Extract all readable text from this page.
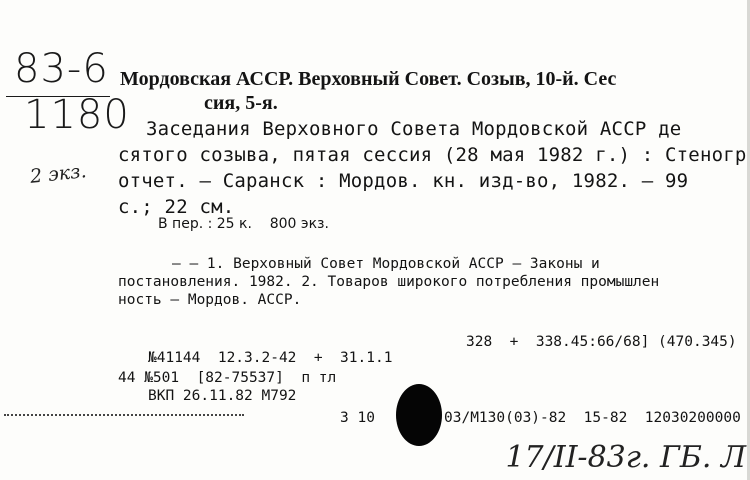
83-6
1180
Мордовская АССР. Верховный Совет. Созыв, 10-й. Сес
сия, 5-я.
Заседания Верховного Совета Мордовской АССР де
сятого созыва, пятая сессия (28 мая 1982 г.) : Стеногр
отчет. — Саранск : Мордов. кн. изд-во, 1982. — 99
с.; 22 см.
2 экз.
В пер. : 25 к.    800 экз.
— — 1. Верховный Совет Мордовской АССР — Законы и
постановления. 1982. 2. Товаров широкого потребления промышлен
ность — Мордов. АССР.
328  +  338.45:66/68] (470.345)
№41144  12.3.2-42  +  31.1.1
44 №501  [82-75537]  п тл
ВКП 26.11.82 М792
3 10	03/М130(03)-82  15-82  12030200000
17/II-83г. ГБ. Л
